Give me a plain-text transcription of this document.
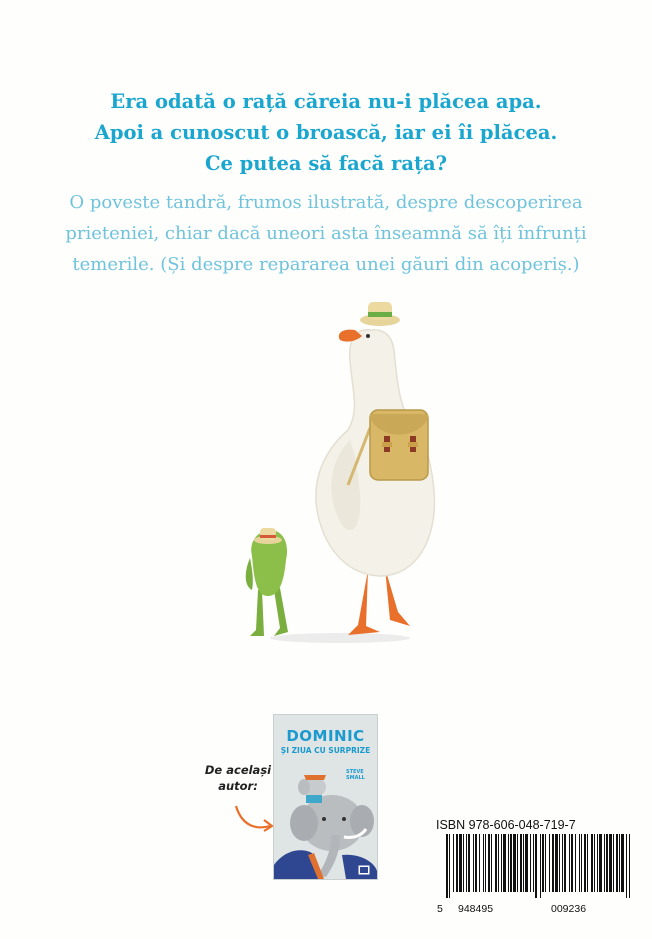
Era odată o rață căreia nu-i plăcea apa.
Apoi a cunoscut o broască, iar ei îi plăcea.
Ce putea să facă rața?
O poveste tandră, frumos ilustrată, despre descoperirea
prieteniei, chiar dacă uneori asta înseamnă să îți înfrunți
temerile. (Și despre repararea unei găuri din acoperiș.)
De același
autor:
DOMINIC
ȘI ZIUA CU SURPRIZE
STEVE
SMALL
ISBN 978-606-048-719-7
5 948495	009236
